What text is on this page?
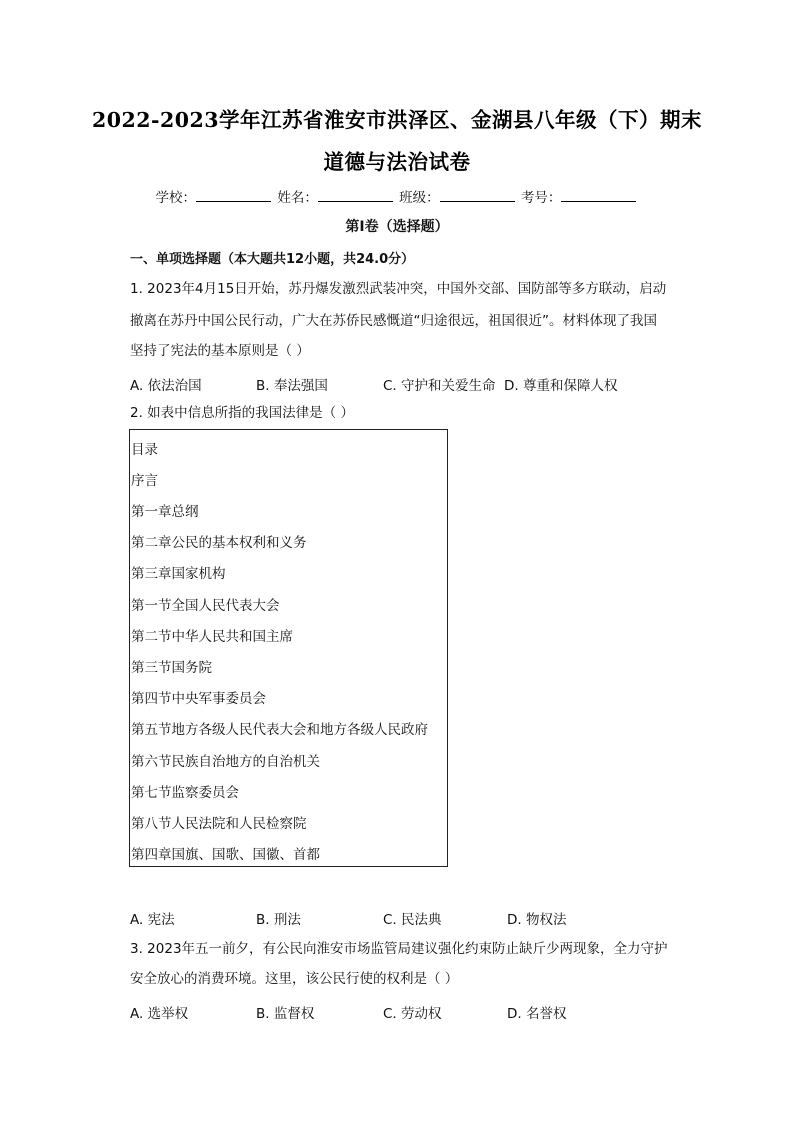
2022-2023学年江苏省淮安市洪泽区、金湖县八年级（下）期末
道德与法治试卷
学校：	姓名：	班级：	考号：
第I卷（选择题）
一、单项选择题（本大题共12小题，共24.0分）
1. 2023年4月15日开始，苏丹爆发激烈武装冲突，中国外交部、国防部等多方联动，启动
撤离在苏丹中国公民行动，广大在苏侨民感慨道“归途很远，祖国很近”。材料体现了我国
坚持了宪法的基本原则是（ ）
A. 依法治国	B. 奉法强国	C. 守护和关爱生命 D. 尊重和保障人权
2. 如表中信息所指的我国法律是（ ）
目录
序言
第一章总纲
第二章公民的基本权利和义务
第三章国家机构
第一节全国人民代表大会
第二节中华人民共和国主席
第三节国务院
第四节中央军事委员会
第五节地方各级人民代表大会和地方各级人民政府
第六节民族自治地方的自治机关
第七节监察委员会
第八节人民法院和人民检察院
第四章国旗、国歌、国徽、首都
A. 宪法	B. 刑法	C. 民法典	D. 物权法
3. 2023年五一前夕，有公民向淮安市场监管局建议强化约束防止缺斤少两现象，全力守护
安全放心的消费环境。这里，该公民行使的权利是（ ）
A. 选举权	B. 监督权	C. 劳动权	D. 名誉权
